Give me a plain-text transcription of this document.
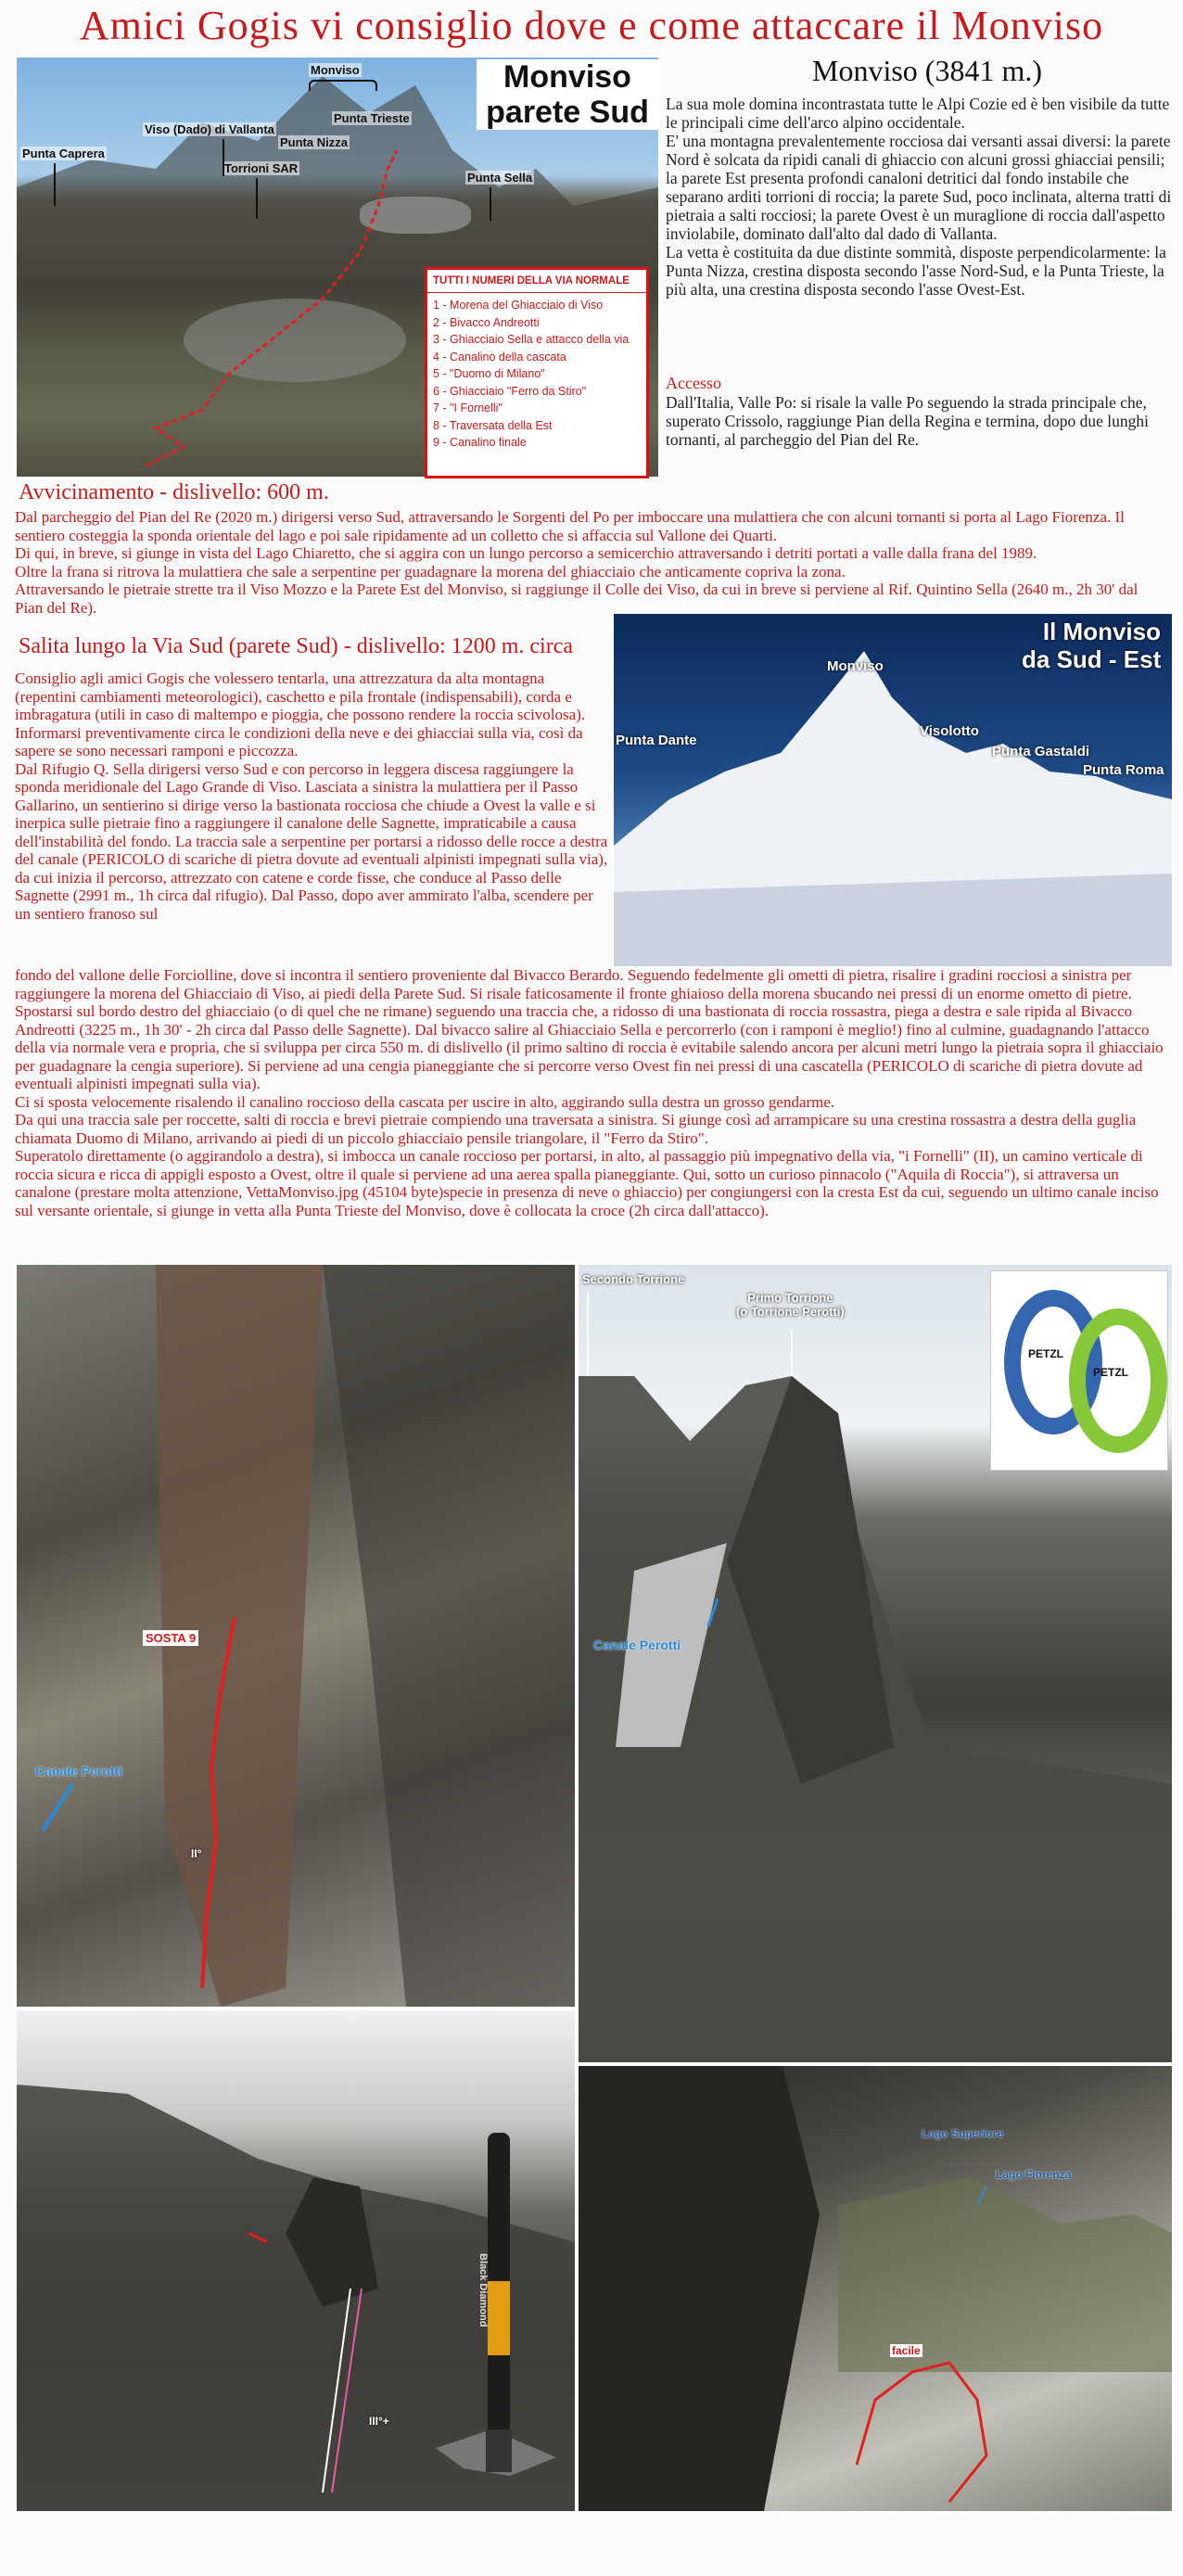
Amici Gogis vi consiglio dove e come attaccare il Monviso
Monviso
parete Sud
Monviso
Punta Trieste
Punta Nizza
Viso (Dado) di Vallanta
Punta Caprera
Torrioni SAR
Punta Sella
TUTTI I NUMERI DELLA VIA NORMALE
1 - Morena del Ghiacciaio di Viso
2 - Bivacco Andreotti
3 - Ghiacciaio Sella e attacco della via
4 - Canalino della cascata
5 - "Duomo di Milano"
6 - Ghiacciaio "Ferro da Stiro"
7 - "I Fornelli"
8 - Traversata della Est
9 - Canalino finale
Monviso (3841 m.)
La sua mole domina incontrastata tutte le Alpi Cozie ed è ben visibile da tutte le principali cime dell'arco alpino occidentale.
E' una montagna prevalentemente rocciosa dai versanti assai diversi: la parete Nord è solcata da ripidi canali di ghiaccio con alcuni grossi ghiacciai pensili; la parete Est presenta profondi canaloni detritici dal fondo instabile che separano arditi torrioni di roccia; la parete Sud, poco inclinata, alterna tratti di pietraia a salti rocciosi; la parete Ovest è un muraglione di roccia dall'aspetto inviolabile, dominato dall'alto dal dado di Vallanta.
La vetta è costituita da due distinte sommità, disposte perpendicolarmente: la Punta Nizza, crestina disposta secondo l'asse Nord-Sud, e la Punta Trieste, la più alta, una crestina disposta secondo l'asse Ovest-Est.
Accesso
Dall'Italia, Valle Po: si risale la valle Po seguendo la strada principale che, superato Crissolo, raggiunge Pian della Regina e termina, dopo due lunghi tornanti, al parcheggio del Pian del Re.
Avvicinamento - dislivello: 600 m.
Dal parcheggio del Pian del Re (2020 m.) dirigersi verso Sud, attraversando le Sorgenti del Po per imboccare una mulattiera che con alcuni tornanti si porta al Lago Fiorenza. Il sentiero costeggia la sponda orientale del lago e poi sale ripidamente ad un colletto che si affaccia sul Vallone dei Quarti.
Di qui, in breve, si giunge in vista del Lago Chiaretto, che si aggira con un lungo percorso a semicerchio attraversando i detriti portati a valle dalla frana del 1989.
Oltre la frana si ritrova la mulattiera che sale a serpentine per guadagnare la morena del ghiacciaio che anticamente copriva la zona.
Attraversando le pietraie strette tra il Viso Mozzo e la Parete Est del Monviso, si raggiunge il Colle dei Viso, da cui in breve si perviene al Rif. Quintino Sella (2640 m., 2h 30' dal Pian del Re).
Il Monviso
da Sud - Est
Monviso
Punta Dante
Visolotto
Punta Gastaldi
Punta Roma
Salita lungo la Via Sud (parete Sud) - dislivello: 1200 m. circa
Consiglio agli amici Gogis che volessero tentarla, una attrezzatura da alta montagna (repentini cambiamenti meteorologici), caschetto e pila frontale (indispensabili), corda e imbragatura (utili in caso di maltempo e pioggia, che possono rendere la roccia scivolosa). Informarsi preventivamente circa le condizioni della neve e dei ghiacciai sulla via, così da sapere se sono necessari ramponi e piccozza.
Dal Rifugio Q. Sella dirigersi verso Sud e con percorso in leggera discesa raggiungere la sponda meridionale del Lago Grande di Viso. Lasciata a sinistra la mulattiera per il Passo Gallarino, un sentierino si dirige verso la bastionata rocciosa che chiude a Ovest la valle e si inerpica sulle pietraie fino a raggiungere il canalone delle Sagnette, impraticabile a causa dell'instabilità del fondo. La traccia sale a serpentine per portarsi a ridosso delle rocce a destra del canale (PERICOLO di scariche di pietra dovute ad eventuali alpinisti impegnati sulla via), da cui inizia il percorso, attrezzato con catene e corde fisse, che conduce al Passo delle Sagnette (2991 m., 1h circa dal rifugio). Dal Passo, dopo aver ammirato l'alba, scendere per un sentiero franoso sul
fondo del vallone delle Forciolline, dove si incontra il sentiero proveniente dal Bivacco Berardo. Seguendo fedelmente gli ometti di pietra, risalire i gradini rocciosi a sinistra per raggiungere la morena del Ghiacciaio di Viso, ai piedi della Parete Sud. Si risale faticosamente il fronte ghiaioso della morena sbucando nei pressi di un enorme ometto di pietre. Spostarsi sul bordo destro del ghiacciaio (o di quel che ne rimane) seguendo una traccia che, a ridosso di una bastionata di roccia rossastra, piega a destra e sale ripida al Bivacco Andreotti (3225 m., 1h 30' - 2h circa dal Passo delle Sagnette). Dal bivacco salire al Ghiacciaio Sella e percorrerlo (con i ramponi è meglio!) fino al culmine, guadagnando l'attacco della via normale vera e propria, che si sviluppa per circa 550 m. di dislivello (il primo saltino di roccia è evitabile salendo ancora per alcuni metri lungo la pietraia sopra il ghiacciaio per guadagnare la cengia superiore). Si perviene ad una cengia pianeggiante che si percorre verso Ovest fin nei pressi di una cascatella (PERICOLO di scariche di pietra dovute ad eventuali alpinisti impegnati sulla via).
Ci si sposta velocemente risalendo il canalino roccioso della cascata per uscire in alto, aggirando sulla destra un grosso gendarme.
Da qui una traccia sale per roccette, salti di roccia e brevi pietraie compiendo una traversata a sinistra. Si giunge così ad arrampicare su una crestina rossastra a destra della guglia chiamata Duomo di Milano, arrivando ai piedi di un piccolo ghiacciaio pensile triangolare, il "Ferro da Stiro".
Superatolo direttamente (o aggirandolo a destra), si imbocca un canale roccioso per portarsi, in alto, al passaggio più impegnativo della via, "i Fornelli" (II), un camino verticale di roccia sicura e ricca di appigli esposto a Ovest, oltre il quale si perviene ad una aerea spalla pianeggiante. Qui, sotto un curioso pinnacolo ("Aquila di Roccia"), si attraversa un canalone (prestare molta attenzione, VettaMonviso.jpg (45104 byte)specie in presenza di neve o ghiaccio) per congiungersi con la cresta Est da cui, seguendo un ultimo canale inciso sul versante orientale, si giunge in vetta alla Punta Trieste del Monviso, dove è collocata la croce (2h circa dall'attacco).
SOSTA 9
Canale Perotti
II°
PETZL
PETZL
Secondo Torrione
Primo Torrione
(o Torrione Perotti)
Canale Perotti
III°+
Black Diamond
Lago Superiore
Lago Fiorenza
facile
